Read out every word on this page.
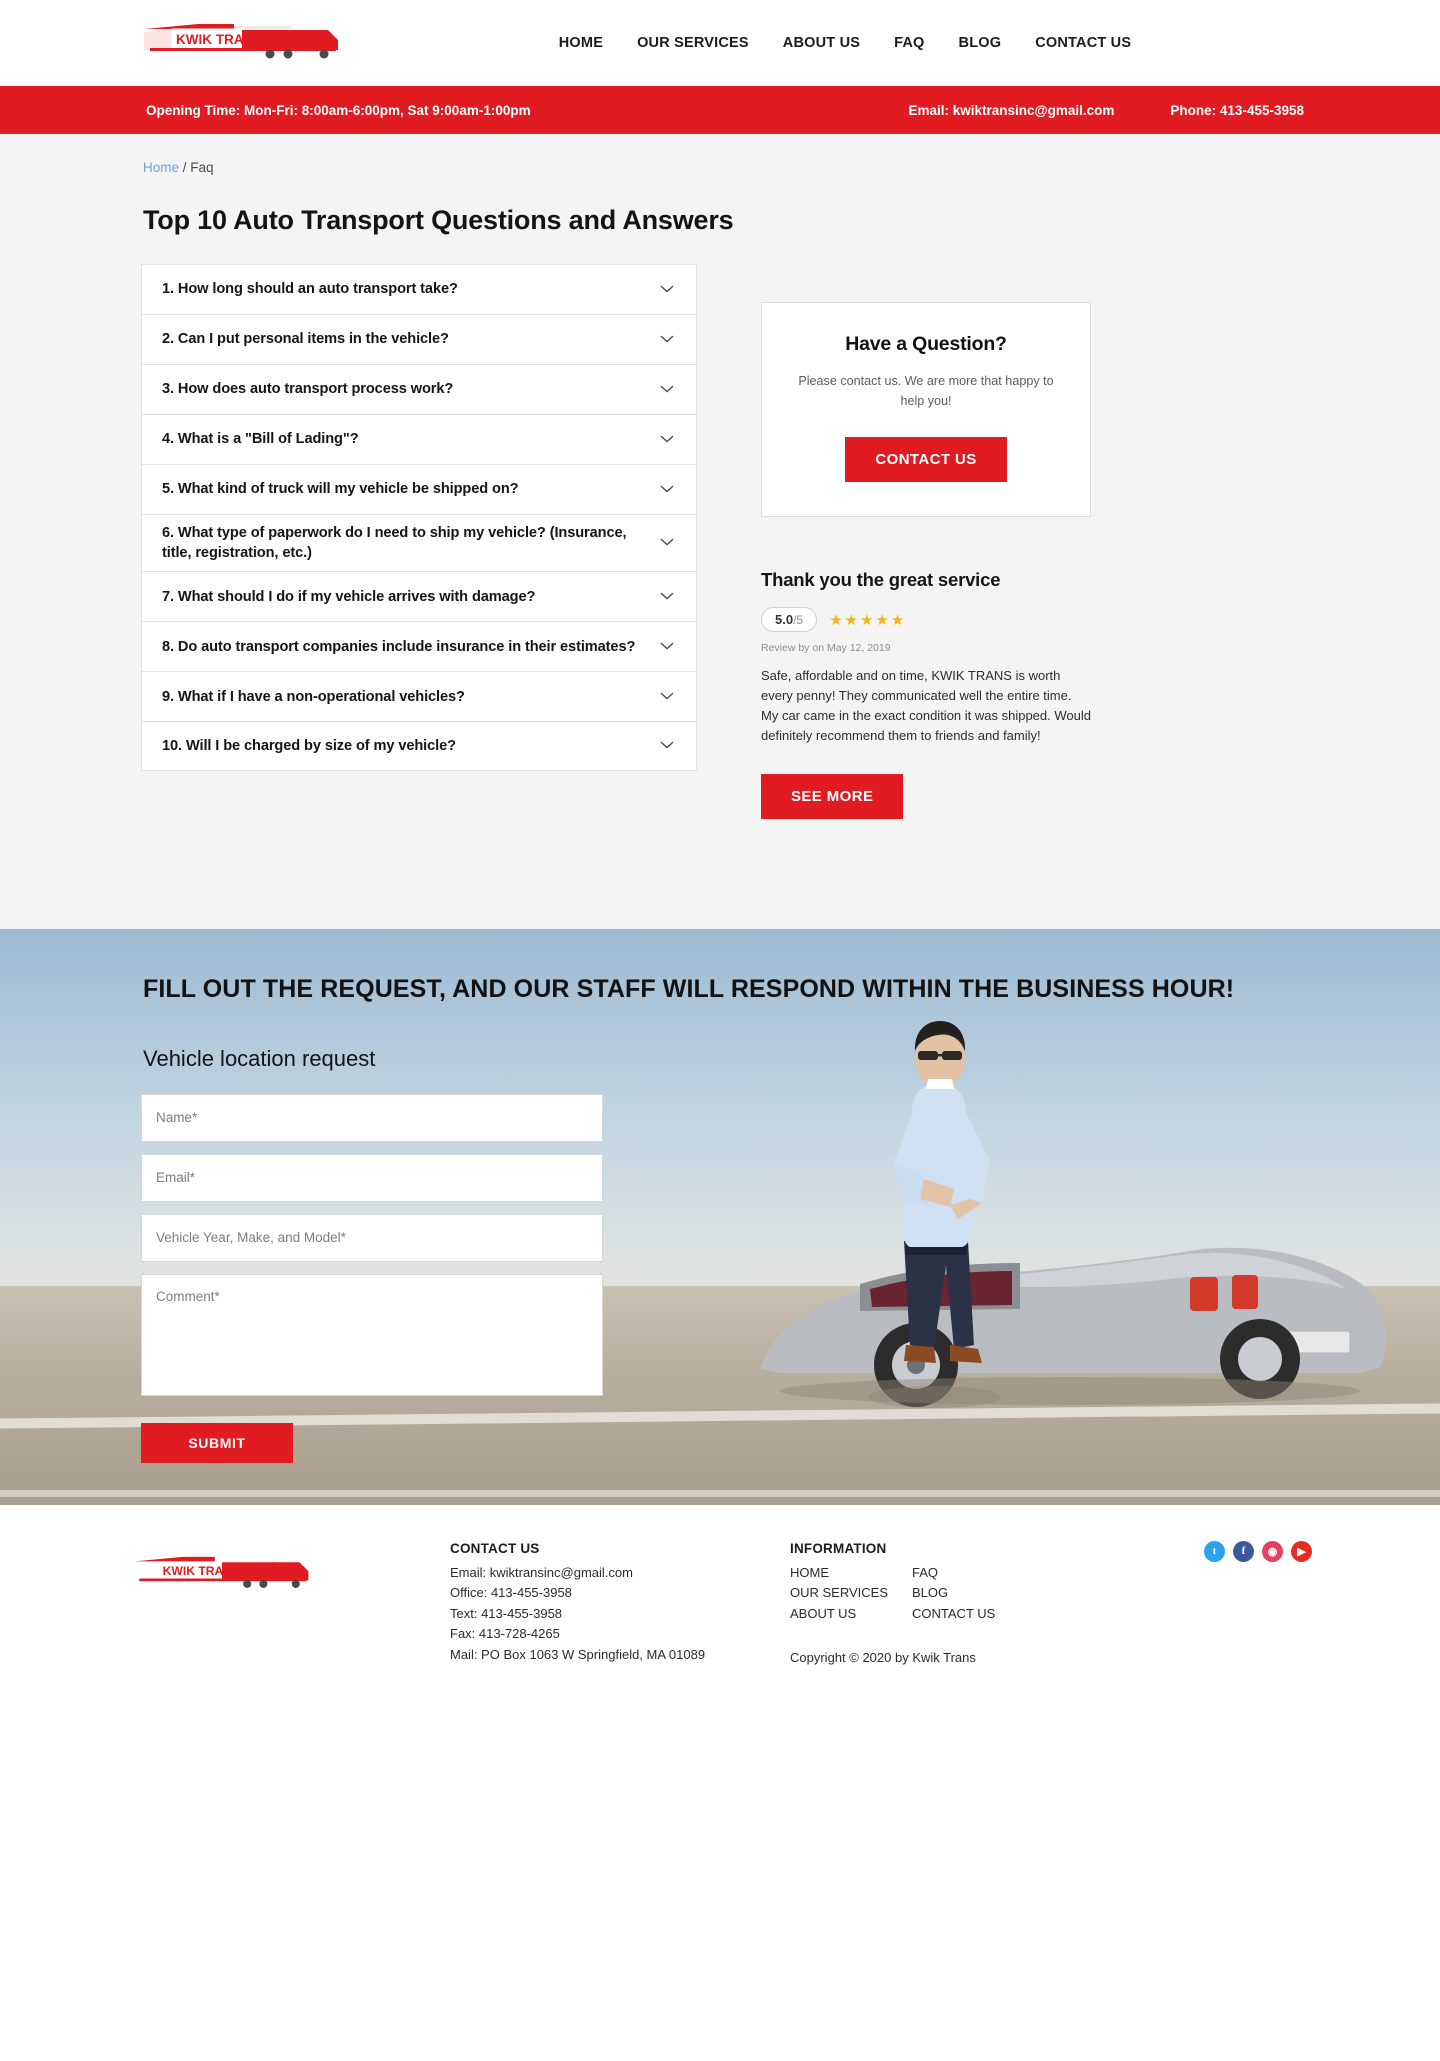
KWIK TRANS INC	HOME OUR SERVICES ABOUT US FAQ BLOG CONTACT US
Opening Time: Mon-Fri: 8:00am-6:00pm, Sat 9:00am-1:00pm	Email: kwiktransinc@gmail.com	Phone: 413-455-3958
Home / Faq
Top 10 Auto Transport Questions and Answers
1. How long should an auto transport take?
2. Can I put personal items in the vehicle?
3. How does auto transport process work?
4. What is a "Bill of Lading"?
5. What kind of truck will my vehicle be shipped on?
6. What type of paperwork do I need to ship my vehicle? (Insurance, title, registration, etc.)
7. What should I do if my vehicle arrives with damage?
8. Do auto transport companies include insurance in their estimates?
9. What if I have a non-operational vehicles?
10. Will I be charged by size of my vehicle?
Have a Question?

Please contact us. We are more that happy to help you!

CONTACT US
Thank you the great service
5.0/5	★★★★★
Review by on May 12, 2019
Safe, affordable and on time, KWIK TRANS is worth every penny! They communicated well the entire time. My car came in the exact condition it was shipped. Would definitely recommend them to friends and family!
SEE MORE
FILL OUT THE REQUEST, AND OUR STAFF WILL RESPOND WITHIN THE BUSINESS HOUR!
Vehicle location request
Name* Email* Vehicle Year, Make, and Model* Comment* SUBMIT
KWIK TRANS INC
CONTACT US
Email: kwiktransinc@gmail.com
Office: 413-455-3958
Text: 413-455-3958
Fax: 413-728-4265
Mail: PO Box 1063 W Springfield, MA 01089
INFORMATION
HOME
OUR SERVICES
ABOUT US
FAQ
BLOG
CONTACT US
Copyright © 2020 by Kwik Trans
t	f	◉	▶
